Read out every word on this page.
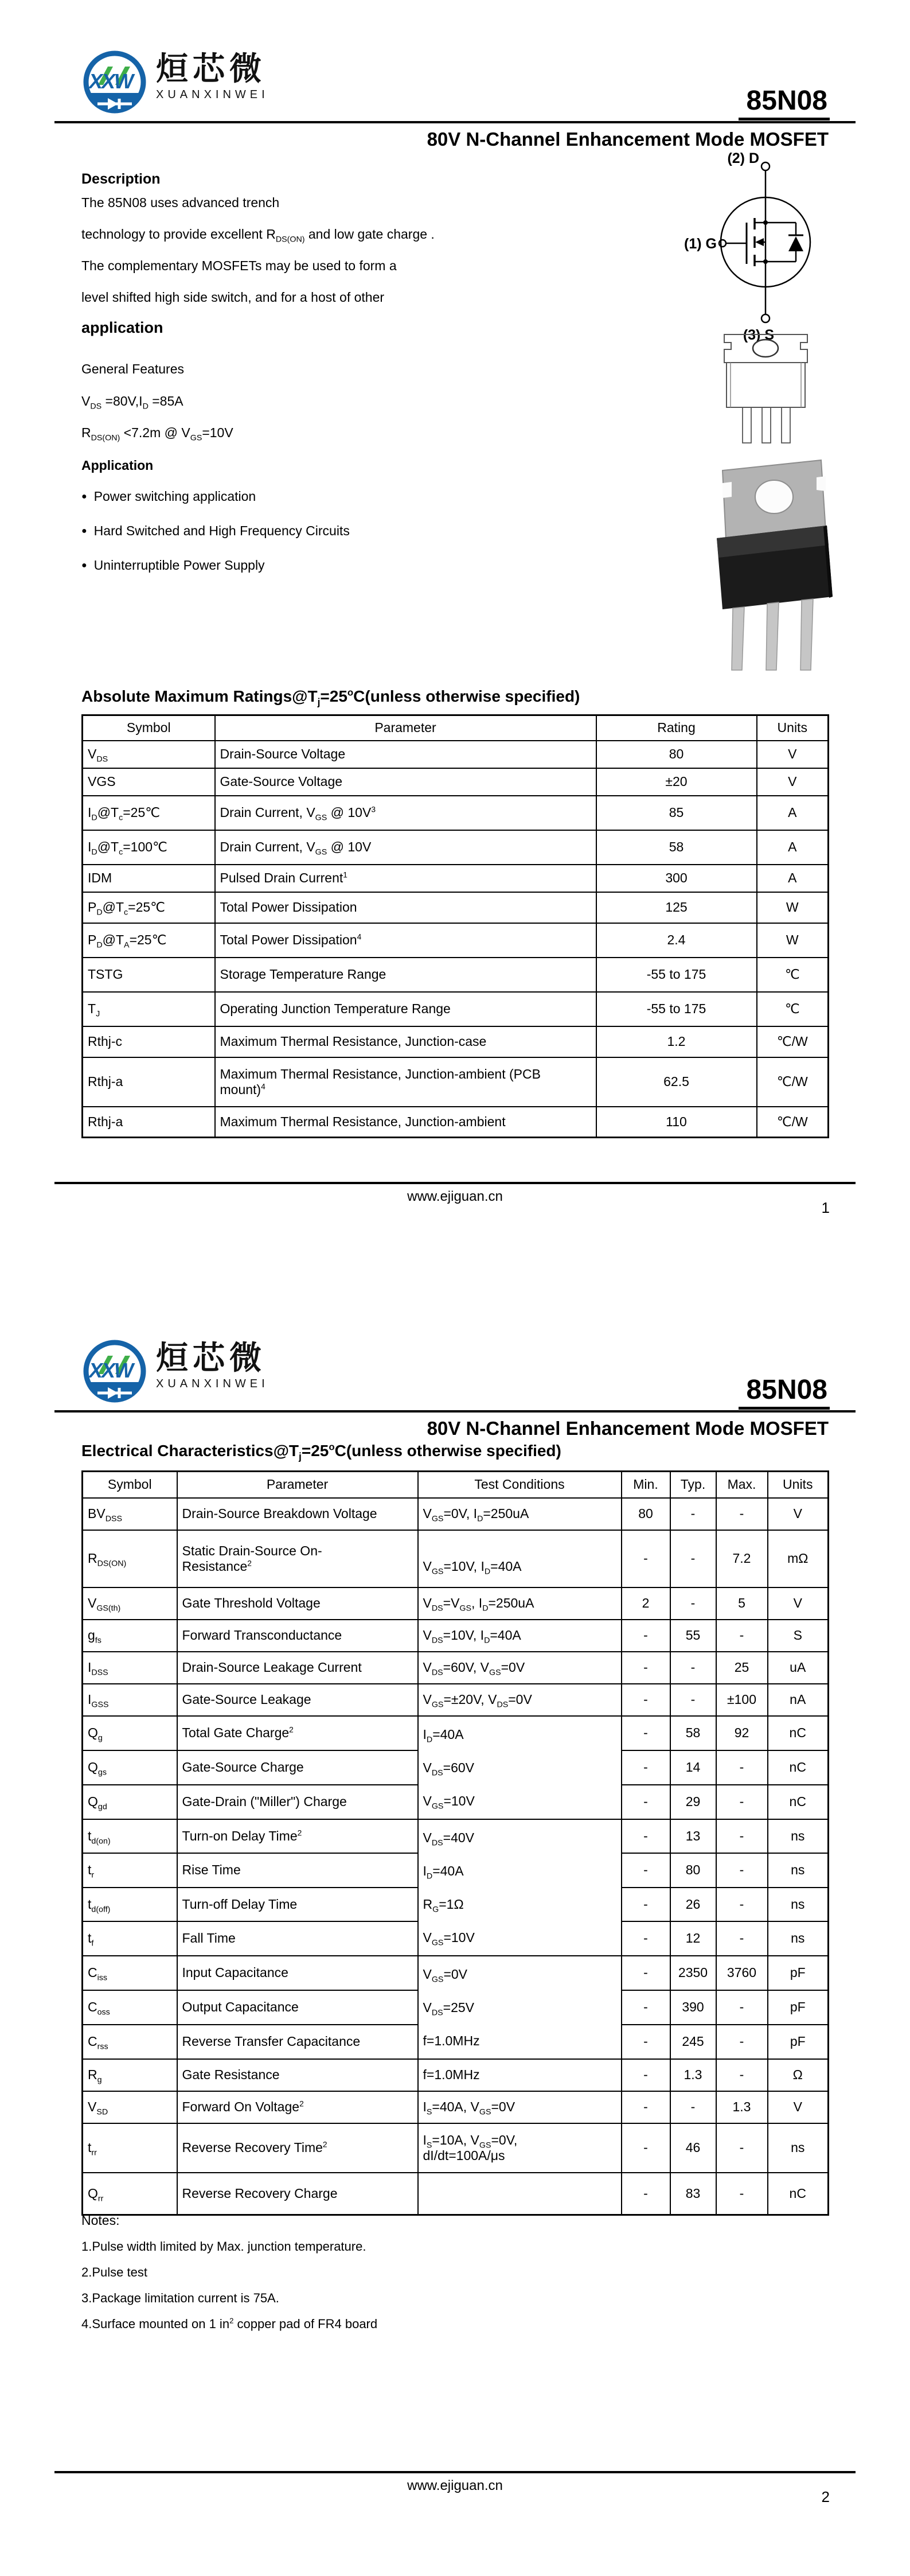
XXW 烜芯微
XUANXINWEI	85N08
80V N-Channel Enhancement Mode MOSFET
Description
The 85N08 uses advanced trench
technology to provide excellent $R_{DS(ON)}$ and low gate charge .
The complementary MOSFETs may be used to form a
level shifted high side switch, and for a host of other
application
General Features
$V_{DS} =80V,I_D =85A$
$R_{DS(ON)} <7.2m$ @ $V_{GS}=10V$
Application
● Power switching application
● Hard Switched and High Frequency Circuits
● Uninterruptible Power Supply
(2) D
(1) G
(3) S
Absolute Maximum $Ratings@T_j=25^oC(unless$ otherwise specified)
Symbol	Parameter	Rating	Units
$V_{DS}$	Drain-Source Voltage	80	V
VGS	Gate-Source Voltage	±20	V
$I_D@T_c=25℃$	Drain Current, $V_{GS}$ @ $10V^3$	85	A
$I_D@T_c=100℃$	Drain Current, $V_{GS}$ @ 10V	58	A
IDM	Pulsed Drain Current$^1$	300	A
$P_D@T_c=25℃$	Total Power Dissipation	125	W
$P_D@T_A=25℃$	Total Power Dissipation$^4$	2.4	W
TSTG	Storage Temperature Range	-55 to 175	℃
$T_J$	Operating Junction Temperature Range	-55 to 175	℃
Rthj-c	Maximum Thermal Resistance, Junction-case	1.2	℃/W
Rthj-a	Maximum Thermal Resistance, Junction-ambient (PCB
mount)$^4$	62.5	℃/W
Rthj-a	Maximum Thermal Resistance, Junction-ambient	110	℃/W
www.ejiguan.cn
1
XXW 烜芯微
XUANXINWEI	85N08
80V N-Channel Enhancement Mode MOSFET
Electrical $Characteristics@T_j=25^oC(unless$ otherwise specified)
Symbol	Parameter	Test Conditions	Min.	Typ.	Max.	Units
$BV_{DSS}$	Drain-Source Breakdown Voltage	$V_{GS}=0V$, $I_D=250uA$	80	-	-	V
$R_{DS(ON)}$	Static Drain-Source On-
Resistance$^2$	$V_{GS}=10V$, $I_D=40A$	-	-	7.2	mΩ
$V_{GS(th)}$	Gate Threshold Voltage	$V_{DS}=V_{GS}$, $I_D=250uA$	2	-	5	V
$g_{fs}$	Forward Transconductance	$V_{DS}=10V$, $I_D=40A$	-	55	-	S
$I_{DSS}$	Drain-Source Leakage Current	$V_{DS}=60V$, $V_{GS}=0V$	-	-	25	uA
$I_{GSS}$	Gate-Source Leakage	$V_{GS}=\pm 20V$, $V_{DS}=0V$	-	-	±100	nA
$Q_g$	Total Gate Charge$^2$	$I_D=40A$
$V_{DS}=60V$
$V_{GS}=10V$	-	58	92	nC
$Q_{gs}$	Gate-Source Charge		-	14	-	nC
$Q_{gd}$	Gate-Drain ("Miller") Charge		-	29	-	nC
$t_{d(on)}$	Turn-on Delay Time$^2$	$V_{DS}=40V$
$I_D=40A$
$R_G=1\Omega$
$V_{GS}=10V$	-	13	-	ns
$t_r$	Rise Time		-	80	-	ns
$t_{d(off)}$	Turn-off Delay Time		-	26	-	ns
$t_f$	Fall Time		-	12	-	ns
$C_{iss}$	Input Capacitance	$V_{GS}=0V$
$V_{DS}=25V$
f=1.0MHz	-	2350	3760	pF
$C_{oss}$	Output Capacitance		-	390	-	pF
$C_{rss}$	Reverse Transfer Capacitance		-	245	-	pF
$R_g$	Gate Resistance	f=1.0MHz	-	1.3	-	Ω
$V_{SD}$	Forward On Voltage$^2$	$I_S=40A$, $V_{GS}=0V$	-	-	1.3	V
$t_{rr}$	Reverse Recovery Time$^2$	$I_S=10A$, $V_{GS}=0V$,
dI/dt=100A/μs	-	46	-	ns
$Q_{rr}$	Reverse Recovery Charge		-	83	-	nC
Notes:
1.Pulse width limited by Max. junction temperature.
2.Pulse test
3.Package limitation current is 75A.
4.Surface mounted on 1 $in^2$ copper pad of FR4 board
www.ejiguan.cn
2
